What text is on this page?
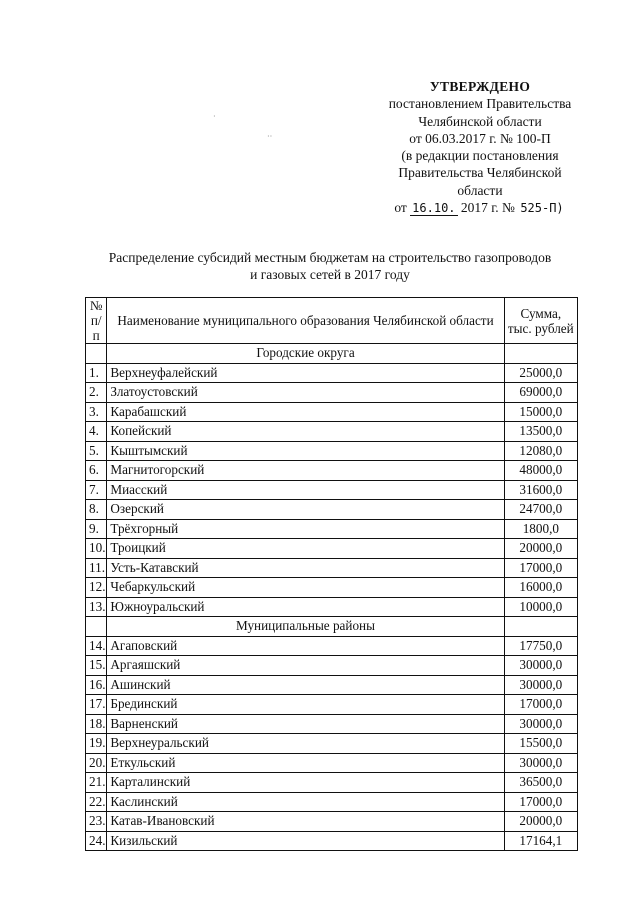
УТВЕРЖДЕНО
постановлением Правительства
Челябинской области
от 06.03.2017 г. № 100-П
(в редакции постановления
Правительства Челябинской
области
от 16.10. 2017 г. № 525-П)
·
··
Распределение субсидий местным бюджетам на строительство газопроводов
и газовых сетей в 2017 году
№ п/п	Наименование муниципального образования Челябинской области	Сумма, тыс. рублей
	Городские округа	
1.	Верхнеуфалейский	25000,0
2.	Златоустовский	69000,0
3.	Карабашский	15000,0
4.	Копейский	13500,0
5.	Кыштымский	12080,0
6.	Магнитогорский	48000,0
7.	Миасский	31600,0
8.	Озерский	24700,0
9.	Трёхгорный	1800,0
10.	Троицкий	20000,0
11.	Усть-Катавский	17000,0
12.	Чебаркульский	16000,0
13.	Южноуральский	10000,0
	Муниципальные районы	
14.	Агаповский	17750,0
15.	Аргаяшский	30000,0
16.	Ашинский	30000,0
17.	Брединский	17000,0
18.	Варненский	30000,0
19.	Верхнеуральский	15500,0
20.	Еткульский	30000,0
21.	Карталинский	36500,0
22.	Каслинский	17000,0
23.	Катав-Ивановский	20000,0
24.	Кизильский	17164,1
